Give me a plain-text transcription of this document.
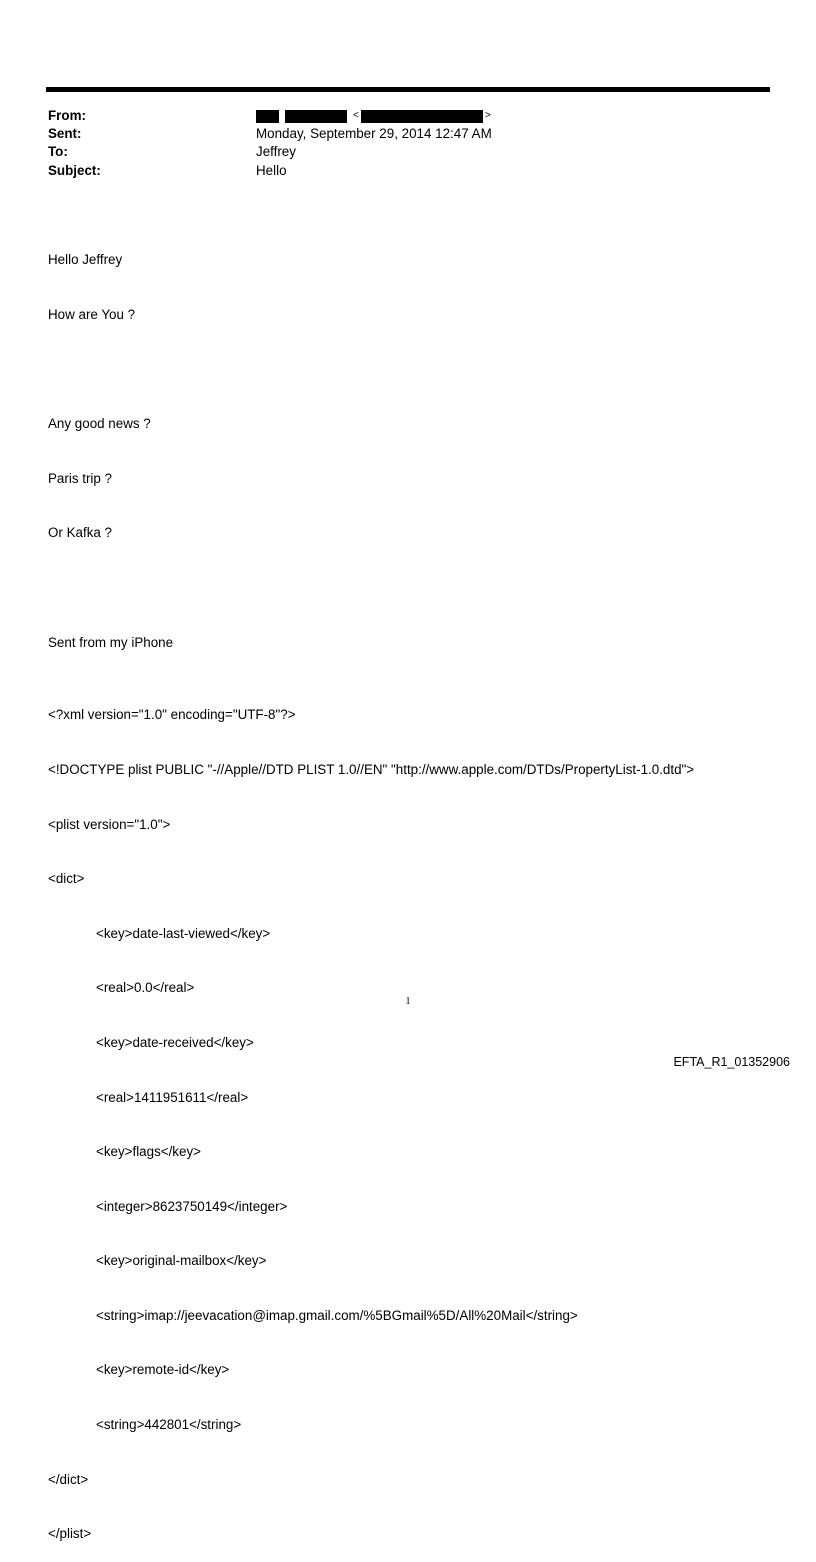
From:	<	>
Sent:	Monday, September 29, 2014 12:47 AM
To:	Jeffrey
Subject:	Hello

Hello Jeffrey

How are You ?

Any good news ?

Paris trip ?

Or Kafka ?

Sent from my iPhone

<?xml version="1.0" encoding="UTF-8"?>

<!DOCTYPE plist PUBLIC "-//Apple//DTD PLIST 1.0//EN" "http://www.apple.com/DTDs/PropertyList-1.0.dtd">

<plist version="1.0">

<dict>

<key>date-last-viewed</key>

<real>0.0</real>

<key>date-received</key>

<real>1411951611</real>

<key>flags</key>

<integer>8623750149</integer>

<key>original-mailbox</key>

<string>imap://jeevacation@imap.gmail.com/%5BGmail%5D/All%20Mail</string>

<key>remote-id</key>

<string>442801</string>

</dict>

</plist>

1
EFTA_R1_01352906
